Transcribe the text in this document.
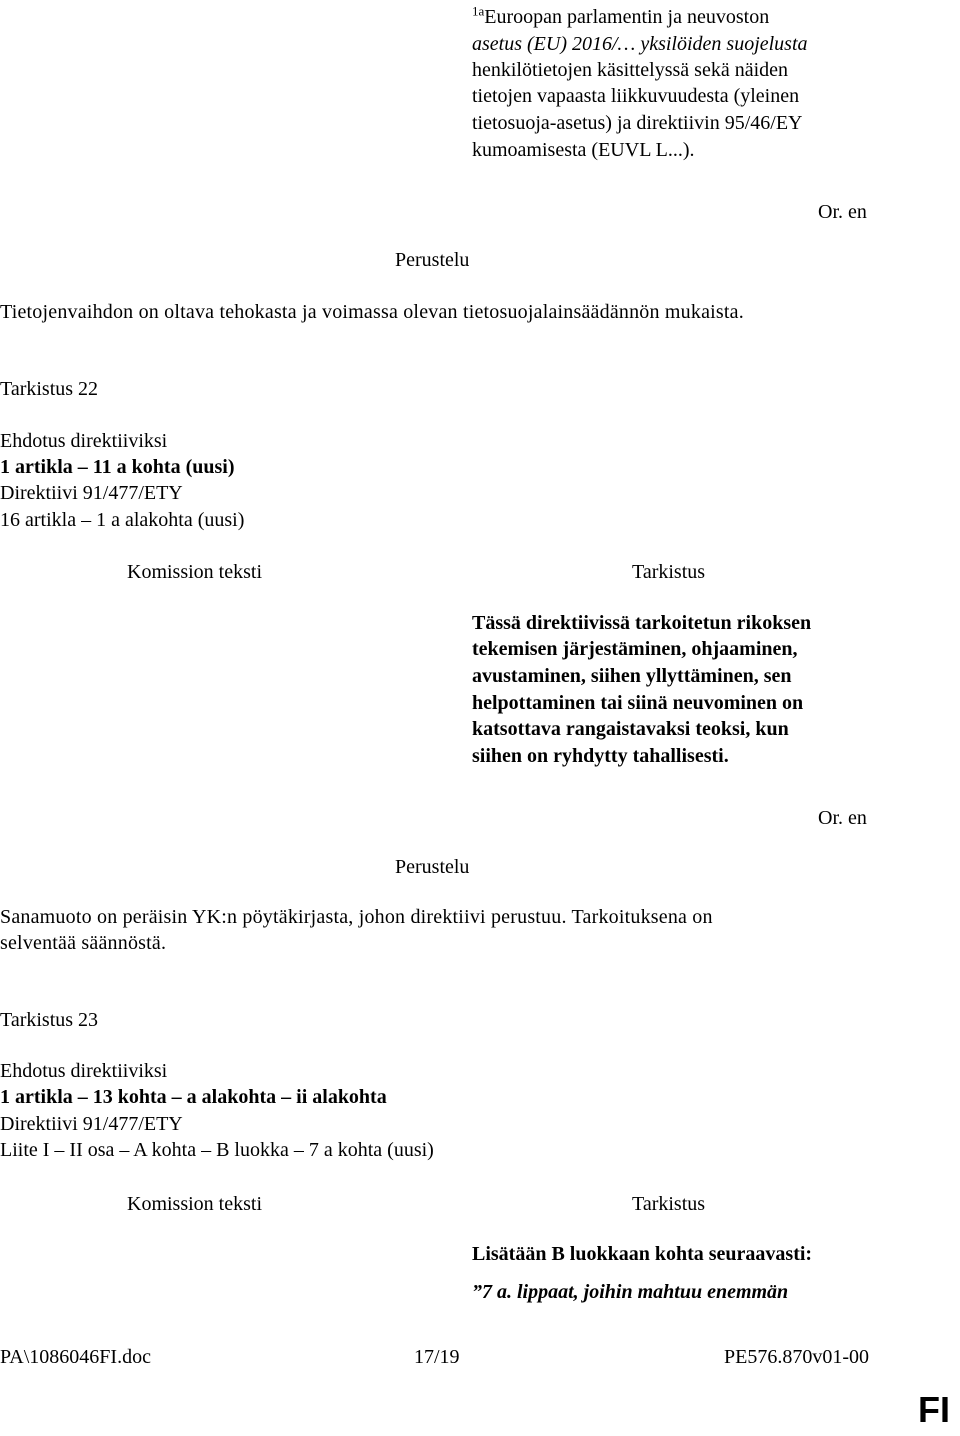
$^{1a}$Euroopan parlamentin ja neuvoston
asetus (EU) 2016/… yksilöiden suojelusta
henkilötietojen käsittelyssä sekä näiden
tietojen vapaasta liikkuvuudesta (yleinen
tietosuoja-asetus) ja direktiivin 95/46/EY
kumoamisesta (EUVL L...).
Or. en
Perustelu
Tietojenvaihdon on oltava tehokasta ja voimassa olevan tietosuojalainsäädännön mukaista.
Tarkistus 22
Ehdotus direktiiviksi
1 artikla – 11 a kohta (uusi)
Direktiivi 91/477/ETY
16 artikla – 1 a alakohta (uusi)
Komission teksti	Tarkistus
Tässä direktiivissä tarkoitetun rikoksen
tekemisen järjestäminen, ohjaaminen,
avustaminen, siihen yllyttäminen, sen
helpottaminen tai siinä neuvominen on
katsottava rangaistavaksi teoksi, kun
siihen on ryhdytty tahallisesti.
Or. en
Perustelu
Sanamuoto on peräisin YK:n pöytäkirjasta, johon direktiivi perustuu. Tarkoituksena on
selventää säännöstä.
Tarkistus 23
Ehdotus direktiiviksi
1 artikla – 13 kohta – a alakohta – ii alakohta
Direktiivi 91/477/ETY
Liite I – II osa – A kohta – B luokka – 7 a kohta (uusi)
Komission teksti	Tarkistus
Lisätään B luokkaan kohta seuraavasti:
”7 a. lippaat, joihin mahtuu enemmän
PA\1086046FI.doc	17/19	PE576.870v01-00
FI
